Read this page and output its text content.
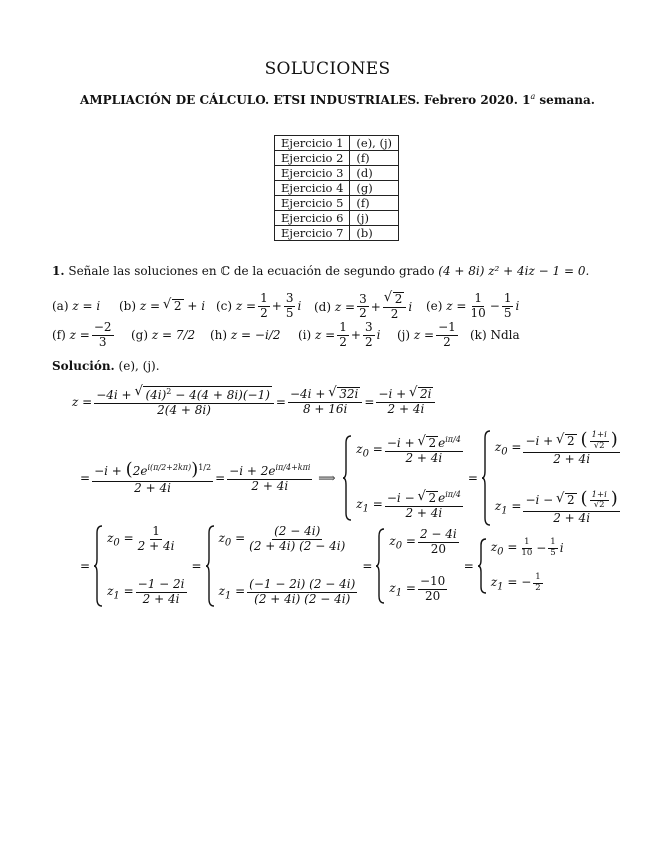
SOLUCIONES
AMPLIACIÓN DE CÁLCULO. ETSI INDUSTRIALES. Febrero 2020. 1$^a$ semana.
Ejercicio 1	(e), (j)
Ejercicio 2	(f)
Ejercicio 3	(d)
Ejercicio 4	(g)
Ejercicio 5	(f)
Ejercicio 6	(j)
Ejercicio 7	(b)
1. Señale las soluciones en ℂ de la ecuación de segundo grado (4 + 8i) z² + 4iz − 1 = 0.
(a)
z = i (b)
z =
√ 2
+ i (c)
$z = \frac{1}{2} + \frac{3}{5}$ i (d)
$z = \frac{3}{2}$ + √ $\frac{2}{2}$ i (e)
$z = \frac{1}{10} - \frac{1}{5}$ i
(f)
$z = \frac{-2}{3} (g)$
z = 7/2 (h)
z = −i/2 (i)
$z = \frac{1}{2} + \frac{3}{2}$ i (j)
$z = \frac{-1}{2} (k)$ Ndla
Solución. (e), (j).
$z = \frac{-4i + √ (4i)^2 - 4(4 + 8i)(-1)}{2(4 + 8i)} = \frac{-4i + √ 32i}{8 + 16i} = \frac{-i + √ 2i}{2 + 4i}$
= $\frac{-i + (2e^{i(\pi/2+2k\pi)})^{1/2}}{2 + 4i} = \frac{-i + 2e^{i\pi/4+k\pi i}}{2 + 4i}$ ⟹
$z_0 = \frac{-i + √ 2 e^{i\pi/4}}{2 + 4i}$
$z_1 = \frac{-i - √ 2 e^{i\pi/4}}{2 + 4i}$
=
$z_0 = \frac{-i + √ 2 ( \frac{1+i}{√2} )}{2 + 4i}$
$z_1 = \frac{-i - √ 2 ( \frac{1+i}{√2} )}{2 + 4i}$
=
$z_0 = \frac{1}{2 + 4i}$
$z_1 = \frac{-1 - 2i}{2 + 4i}$
=
$z_0 = \frac{(2 - 4i)}{(2 + 4i) (2 - 4i)}$
$z_1 = \frac{(-1 - 2i) (2 - 4i)}{(2 + 4i) (2 - 4i)}$
=
$z_0 = \frac{2 - 4i}{20}$
$z_1 = \frac{-10}{20}$
=
$z_0 = \frac{1}{10} - \frac{1}{5}$ i
$z_1$ = − $\frac{1}{2}$
